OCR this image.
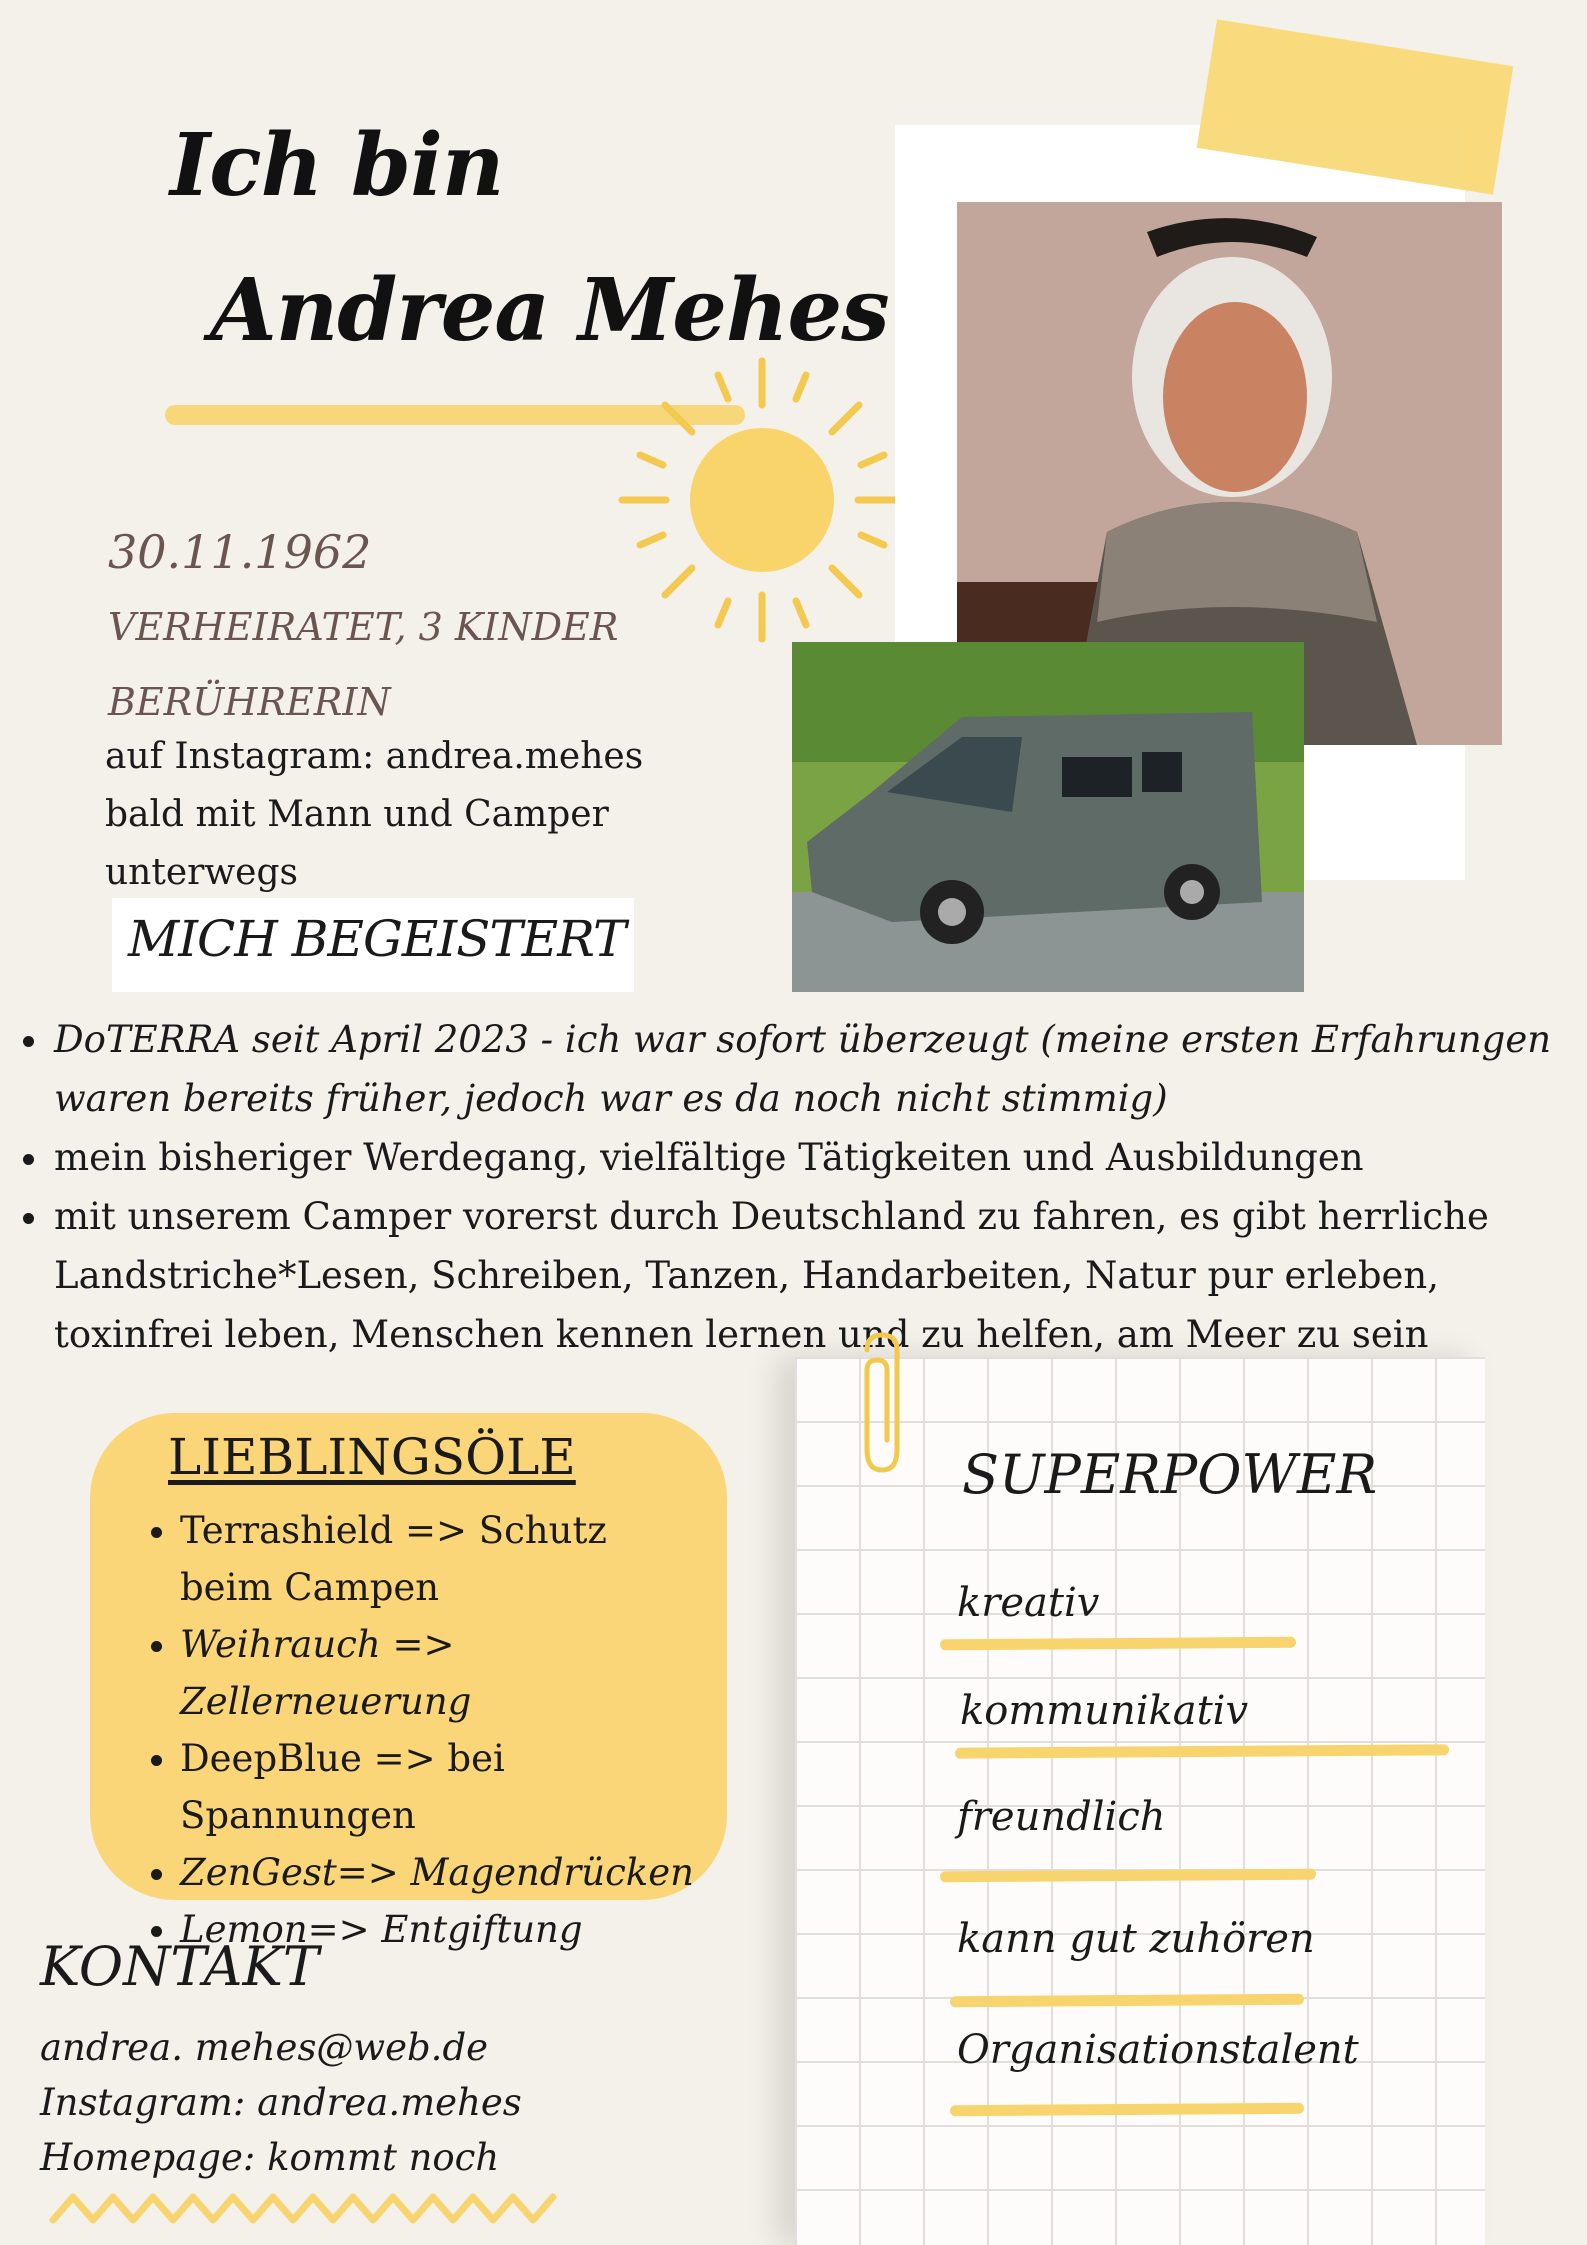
Ich bin
Andrea Mehes
30.11.1962
VERHEIRATET, 3 KINDER
BERÜHRERIN
auf Instagram: andrea.mehes
bald mit Mann und Camper
unterwegs
MICH BEGEISTERT
• DoTERRA seit April 2023 - ich war sofort überzeugt (meine ersten Erfahrungen waren bereits früher, jedoch war es da noch nicht stimmig)
• mein bisheriger Werdegang, vielfältige Tätigkeiten und Ausbildungen
• mit unserem Camper vorerst durch Deutschland zu fahren, es gibt herrliche Landstriche*Lesen, Schreiben, Tanzen, Handarbeiten, Natur pur erleben, toxinfrei leben, Menschen kennen lernen und zu helfen, am Meer zu sein
LIEBLINGSÖLE
• Terrashield => Schutz beim Campen
• Weihrauch => Zellerneuerung
• DeepBlue => bei Spannungen
• ZenGest=> Magendrücken
• Lemon=> Entgiftung
SUPERPOWER
kreativ
kommunikativ
freundlich
kann gut zuhören
Organisationstalent
KONTAKT
andrea. mehes@web.de
Instagram: andrea.mehes
Homepage: kommt noch
